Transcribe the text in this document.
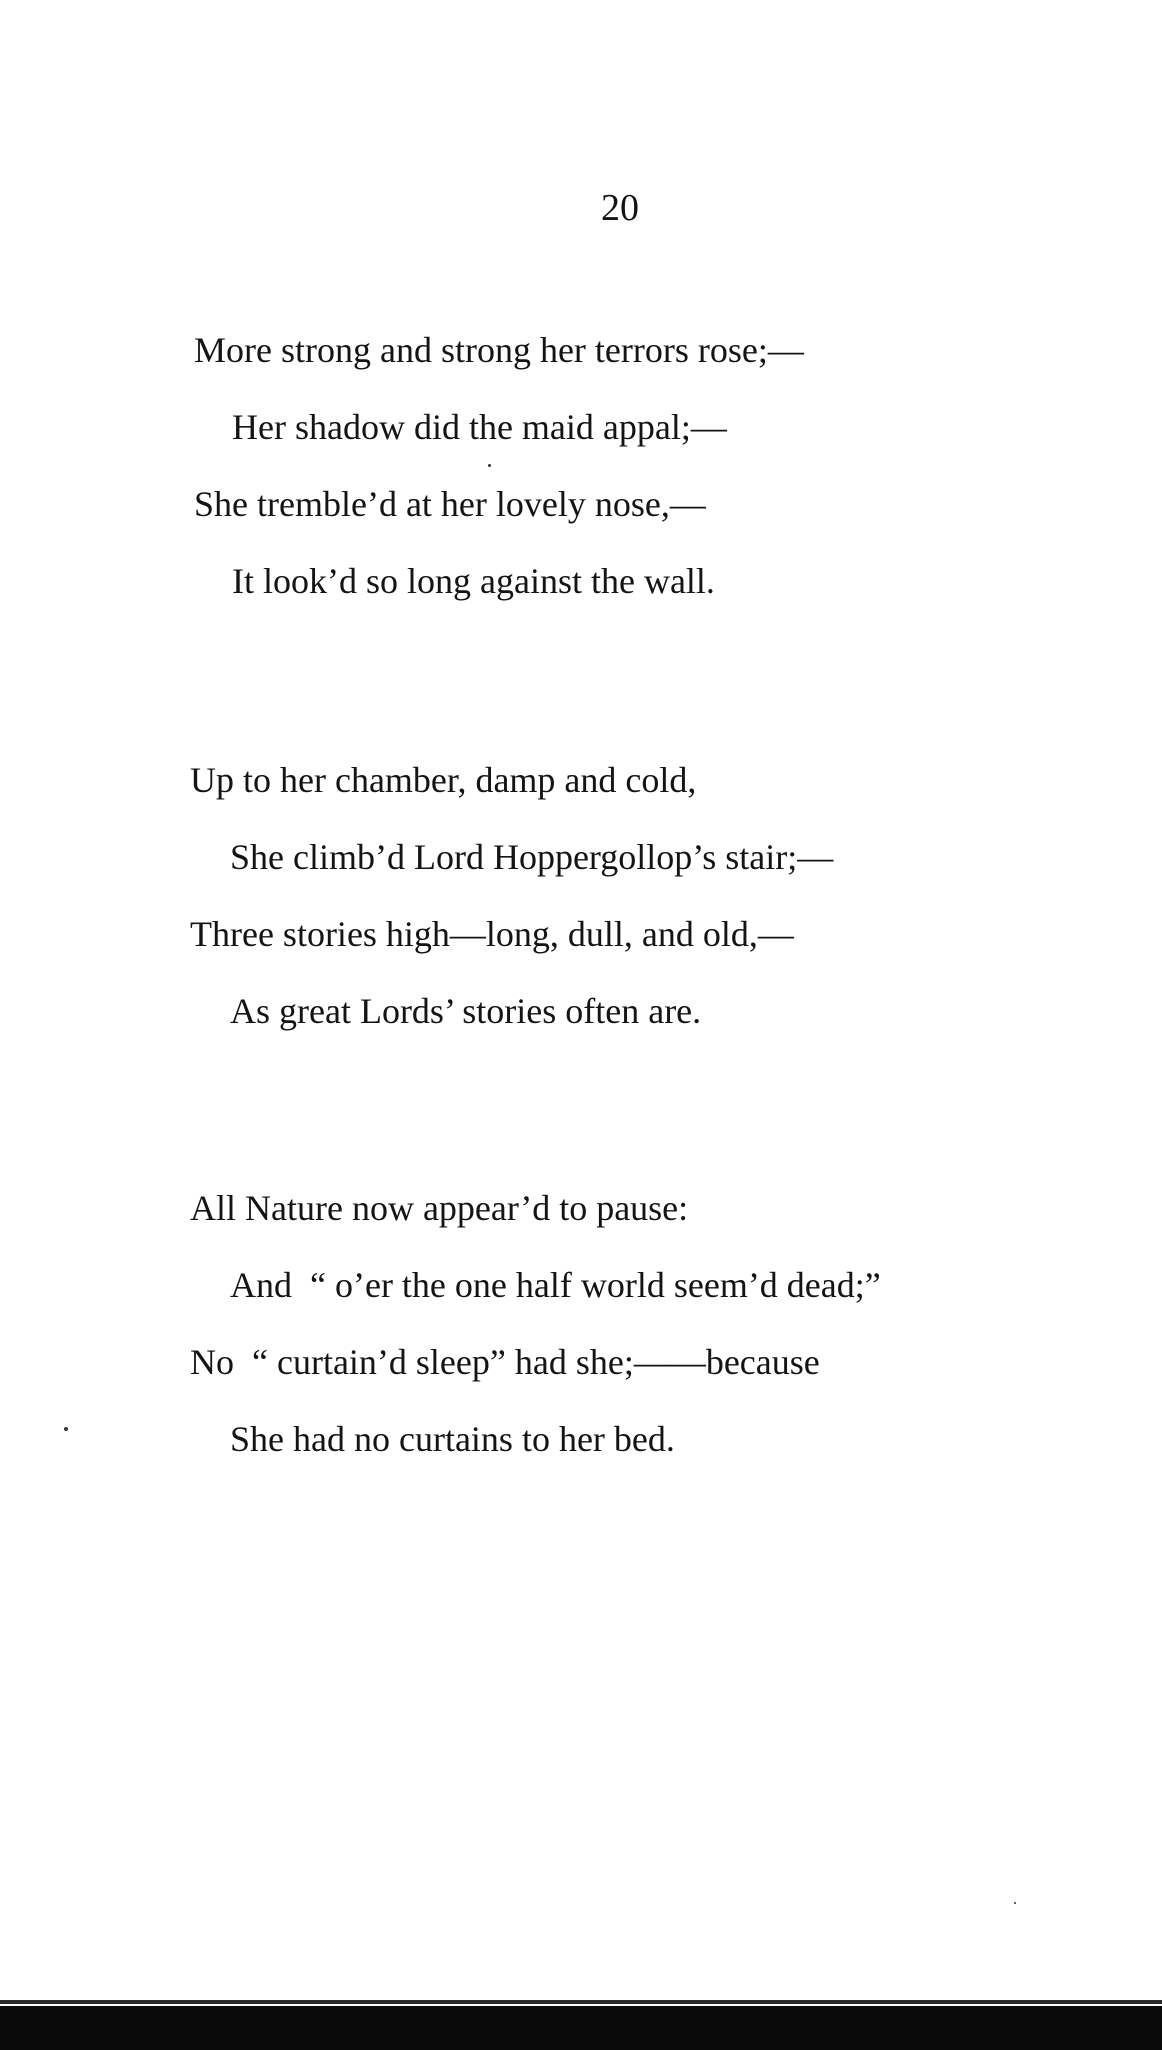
20
More strong and strong her terrors rose;—
Her shadow did the maid appal;—
She tremble’d at her lovely nose,—
It look’d so long against the wall.
Up to her chamber, damp and cold,
She climb’d Lord Hoppergollop’s stair;—
Three stories high—long, dull, and old,—
As great Lords’ stories often are.
All Nature now appear’d to pause:
And  “ o’er the one half world seem’d dead;”
No  “ curtain’d sleep” had she;——because
She had no curtains to her bed.
